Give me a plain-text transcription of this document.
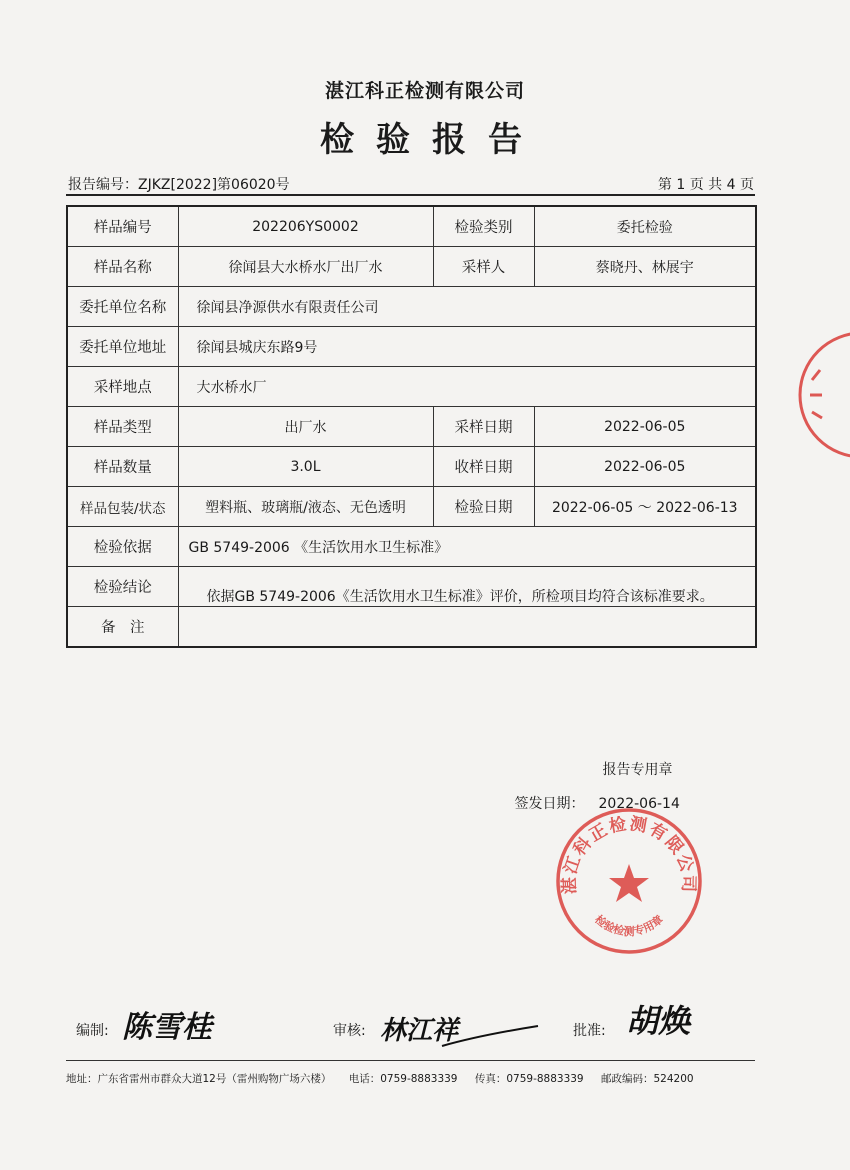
湛江科正检测有限公司
检验报告
报告编号：ZJKZ[2022]第06020号	第 1 页 共 4 页
样品编号	202206YS0002	检验类别	委托检验
样品名称	徐闻县大水桥水厂出厂水	采样人	蔡晓丹、林展宇
委托单位名称	徐闻县净源供水有限责任公司		
委托单位地址	徐闻县城庆东路9号		
采样地点	大水桥水厂		
样品类型	出厂水	采样日期	2022-06-05
样品数量	3.0L	收样日期	2022-06-05
样品包装/状态	塑料瓶、玻璃瓶/液态、无色透明	检验日期	2022-06-05 ～ 2022-06-13
检验依据	GB 5749-2006 《生活饮用水卫生标准》		
检验结论	依据GB 5749-2006《生活饮用水卫生标准》评价，所检项目均符合该标准要求。
报告专用章
签发日期： 2022-06-14		

备　注			
湛江科正检测有限公司
检验检测专用章
编制: 陈雪桂	审核: 林江祥	批准: 胡焕
地址：广东省雷州市群众大道12号（雷州购物广场六楼） 电话：0759-8883339 传真：0759-8883339 邮政编码：524200
